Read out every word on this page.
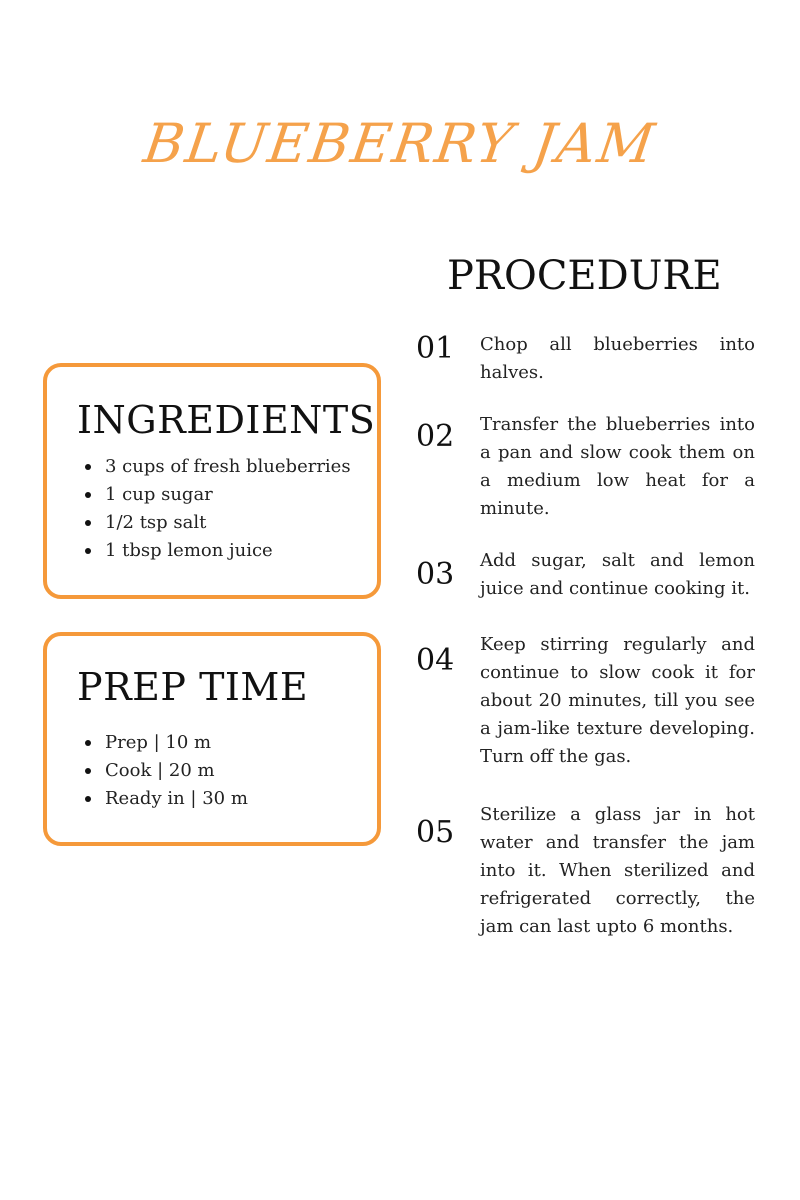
BLUEBERRY JAM
INGREDIENTS
3 cups of fresh blueberries
1 cup sugar
1/2 tsp salt
1 tbsp lemon juice
PREP TIME
Prep | 10 m
Cook | 20 m
Ready in | 30 m
PROCEDURE
01 Chop all blueberries into halves.

02 Transfer the blueberries into a pan and slow cook them on a medium low heat for a minute.

03 Add sugar, salt and lemon juice and continue cooking it.

04 Keep stirring regularly and continue to slow cook it for about 20 minutes, till you see a jam-like texture developing. Turn off the gas.

05

Sterilize a glass jar in hot water and transfer the jam into it. When sterilized and refrigerated correctly, the jam can last upto 6 months.
